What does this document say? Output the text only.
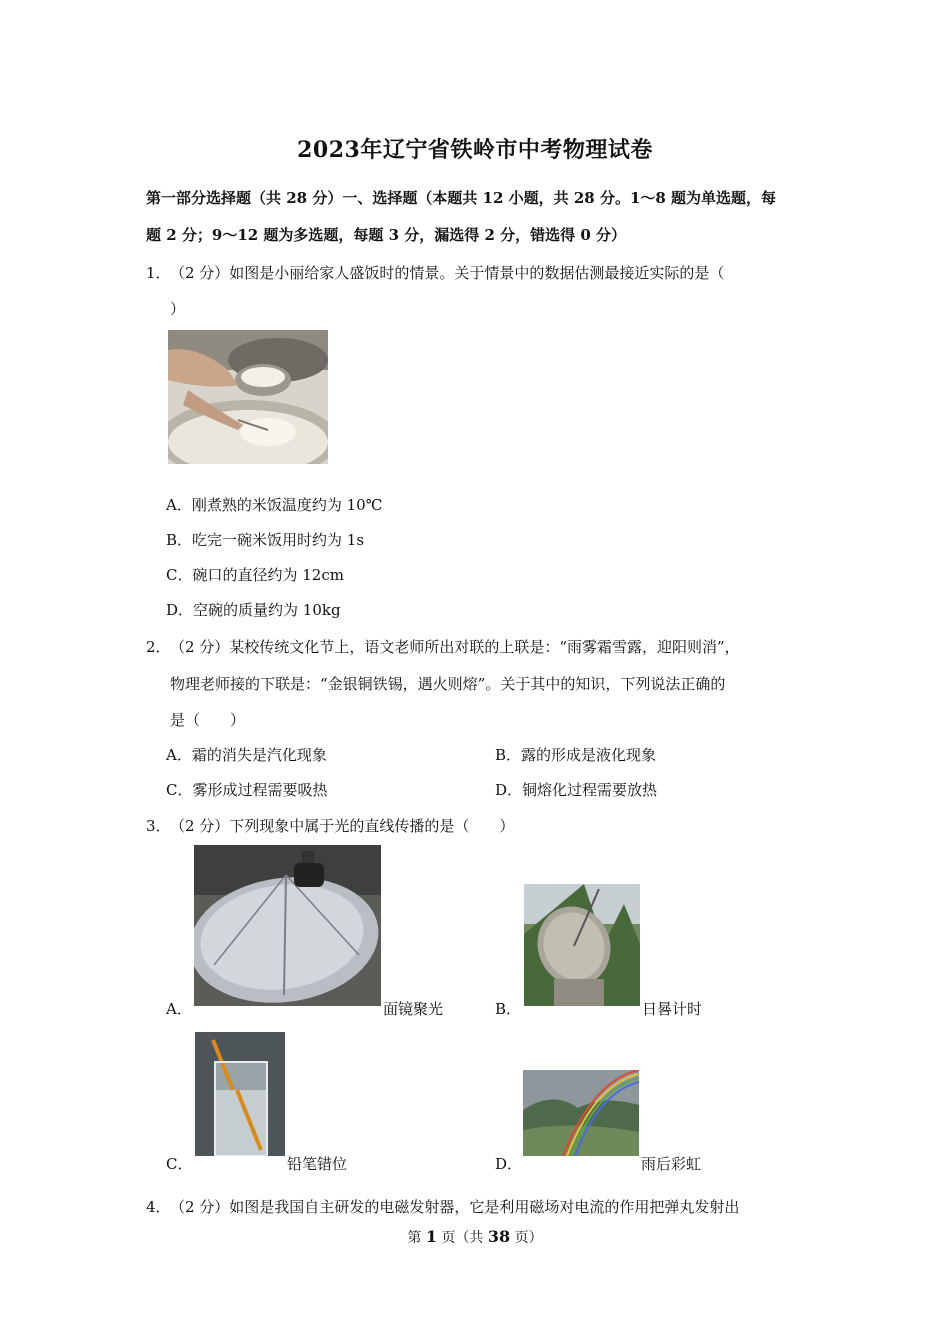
2023年辽宁省铁岭市中考物理试卷
第一部分选择题（共 28 分）一、选择题（本题共 12 小题，共 28 分。1～8 题为单选题，每
题 2 分；9～12 题为多选题，每题 3 分，漏选得 2 分，错选得 0 分）
1． （2 分）如图是小丽给家人盛饭时的情景。关于情景中的数据估测最接近实际的是（
）
A．刚煮熟的米饭温度约为 10℃
B．吃完一碗米饭用时约为 1s
C．碗口的直径约为 12cm
D．空碗的质量约为 10kg
2． （2 分）某校传统文化节上，语文老师所出对联的上联是：“雨雾霜雪露，迎阳则消”，
物理老师接的下联是：“金银铜铁锡，遇火则熔”。关于其中的知识，下列说法正确的
是（　　）
A．霜的消失是汽化现象	B．露的形成是液化现象
C．雾形成过程需要吸热	D．铜熔化过程需要放热
3． （2 分）下列现象中属于光的直线传播的是（　　）
A．	面镜聚光	B．	日晷计时
C．	铅笔错位	D．	雨后彩虹
4． （2 分）如图是我国自主研发的电磁发射器，它是利用磁场对电流的作用把弹丸发射出
第 1 页（共 38 页）
